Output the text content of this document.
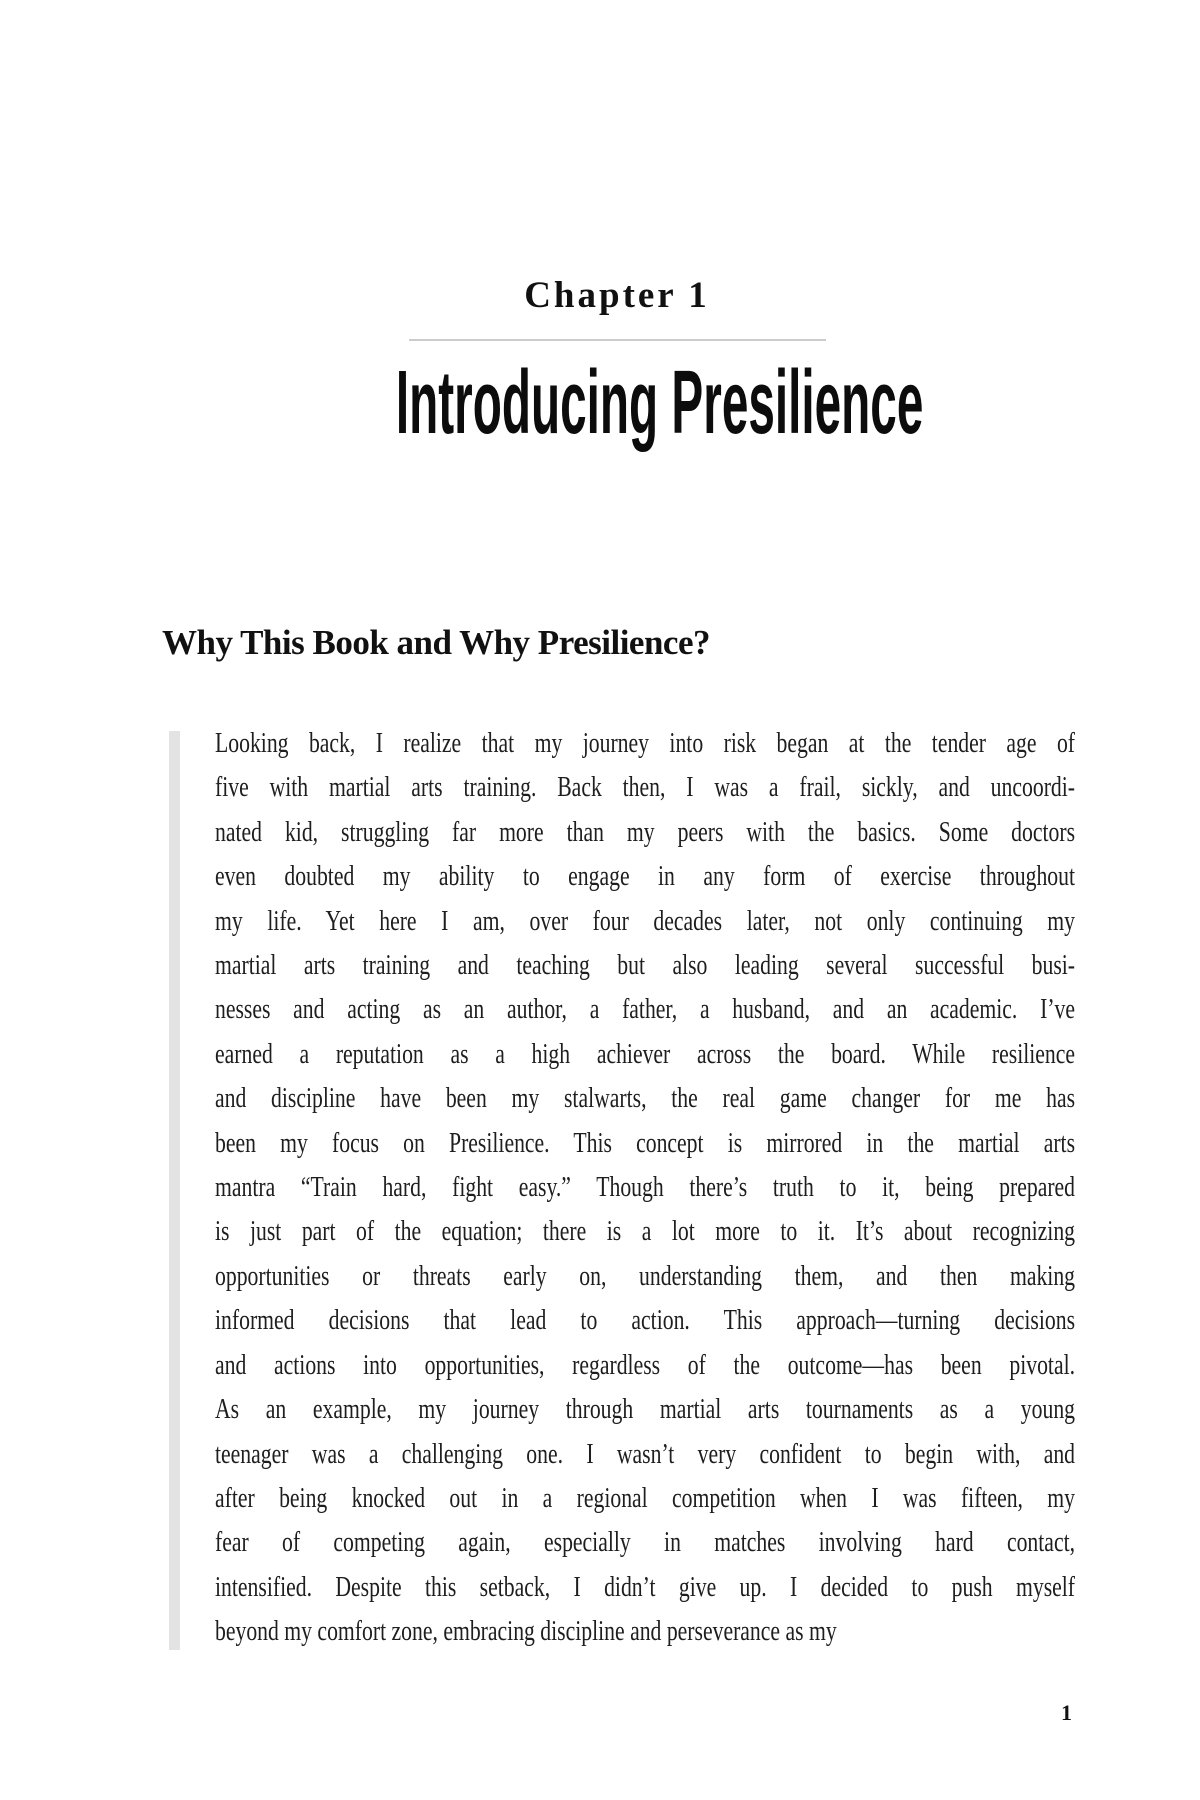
Chapter 1
Introducing Presilience
Why This Book and Why Presilience?
Looking back, I realize that my journey into risk began at the tender age of
five with martial arts training. Back then, I was a frail, sickly, and uncoordi-
nated kid, struggling far more than my peers with the basics. Some doctors
even doubted my ability to engage in any form of exercise throughout
my life. Yet here I am, over four decades later, not only continuing my
martial arts training and teaching but also leading several successful busi-
nesses and acting as an author, a father, a husband, and an academic. I’ve
earned a reputation as a high achiever across the board. While resilience
and discipline have been my stalwarts, the real game changer for me has
been my focus on Presilience. This concept is mirrored in the martial arts
mantra “Train hard, fight easy.” Though there’s truth to it, being prepared
is just part of the equation; there is a lot more to it. It’s about recognizing
opportunities or threats early on, understanding them, and then making
informed decisions that lead to action. This approach—turning decisions
and actions into opportunities, regardless of the outcome—has been pivotal.
As an example, my journey through martial arts tournaments as a young
teenager was a challenging one. I wasn’t very confident to begin with, and
after being knocked out in a regional competition when I was fifteen, my
fear of competing again, especially in matches involving hard contact,
intensified. Despite this setback, I didn’t give up. I decided to push myself
beyond my comfort zone, embracing discipline and perseverance as my
1
